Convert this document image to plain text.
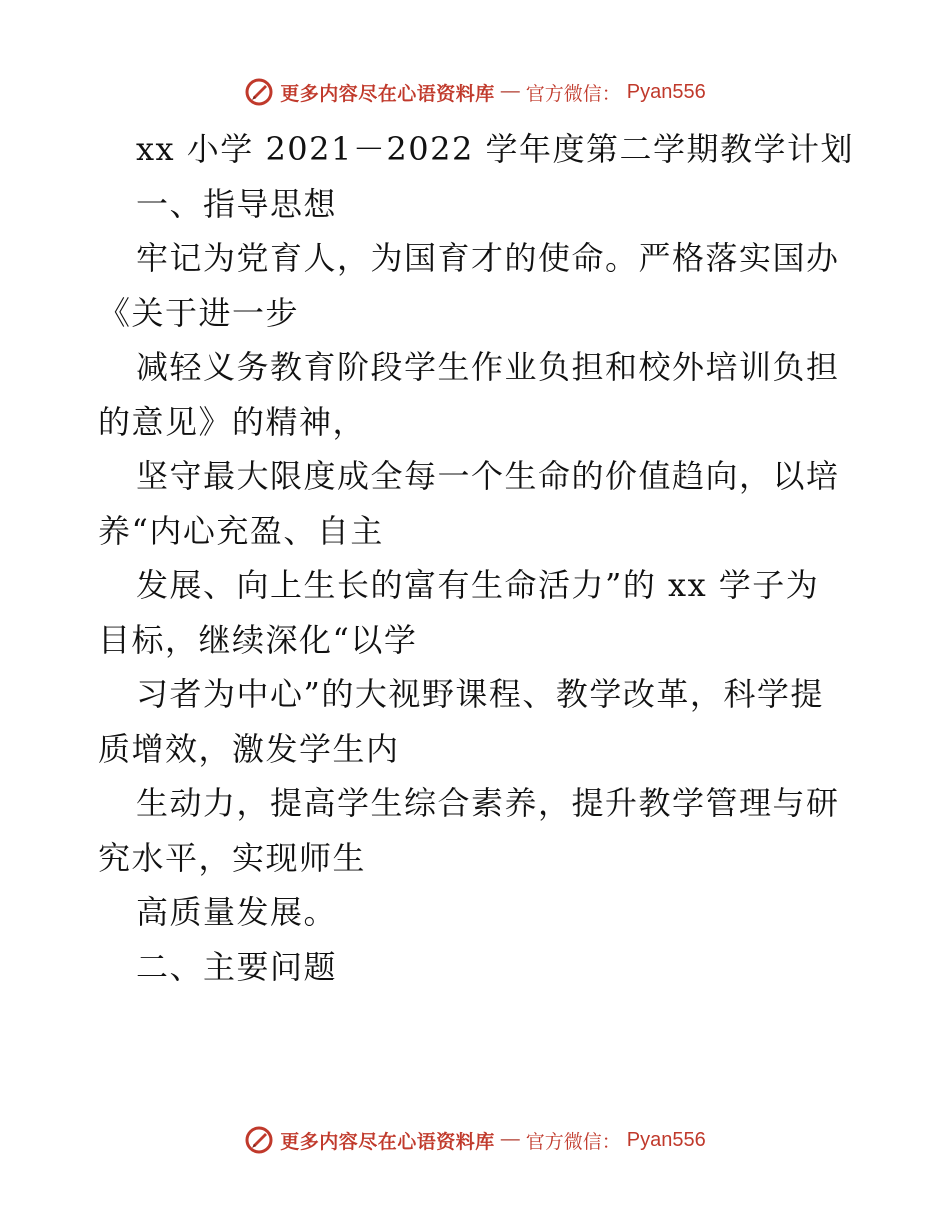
更多内容尽在心语资料库 — 官方微信： Pyan556
xx 小学 2021－2022 学年度第二学期教学计划
一、指导思想
牢记为党育人，为国育才的使命。严格落实国办
《关于进一步
减轻义务教育阶段学生作业负担和校外培训负担
的意见》的精神，
坚守最大限度成全每一个生命的价值趋向，以培
养“内心充盈、自主
发展、向上生长的富有生命活力”的 xx 学子为
目标，继续深化“以学
习者为中心”的大视野课程、教学改革，科学提
质增效，激发学生内
生动力，提高学生综合素养，提升教学管理与研
究水平，实现师生
高质量发展。
二、主要问题
更多内容尽在心语资料库 — 官方微信： Pyan556
